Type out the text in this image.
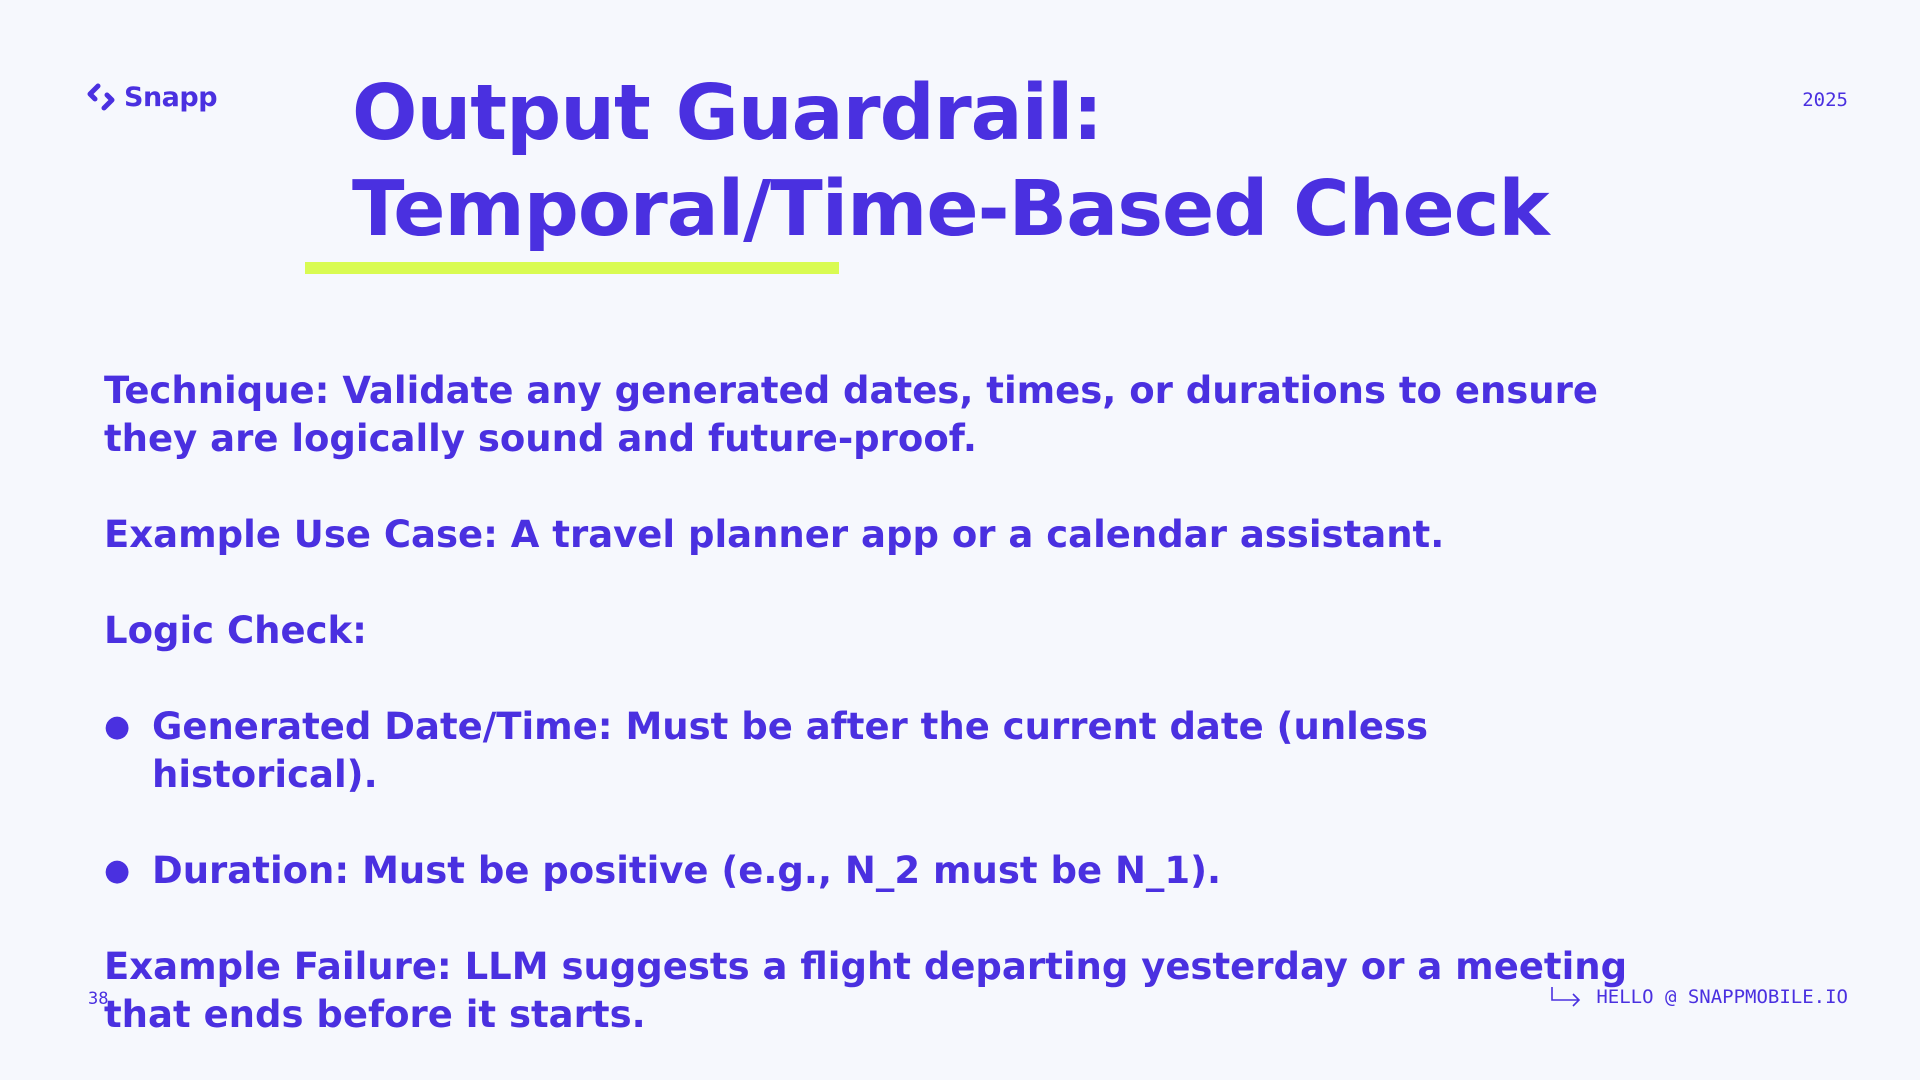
Snapp	2025
Output Guardrail:
Temporal/Time-Based Check

Technique: Validate any generated dates, times, or durations to ensure

they are logically sound and future-proof.

Example Use Case: A travel planner app or a calendar assistant.

Logic Check:

● Generated Date/Time: Must be after the current date (unless

historical).

● Duration: Must be positive (e.g., N_2 must be N_1).

Example Failure: LLM suggests a flight departing yesterday or a meeting

that ends before it starts.

38	HELLO @ SNAPPMOBILE.IO
